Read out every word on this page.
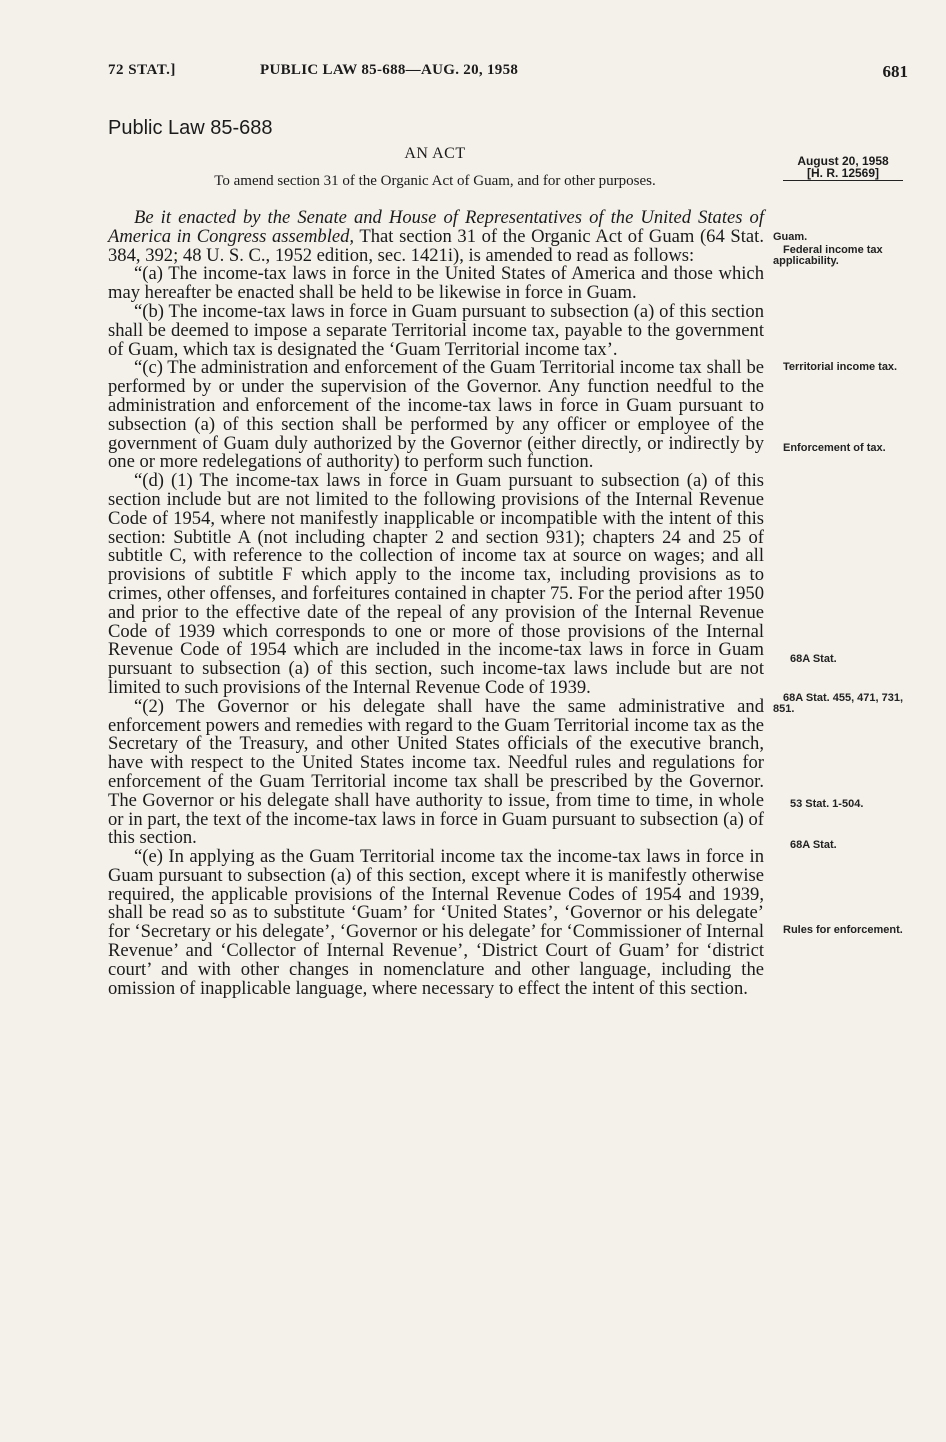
72 STAT.]	PUBLIC LAW 85-688—AUG. 20, 1958	681
Public Law 85-688
AN ACT
To amend section 31 of the Organic Act of Guam, and for other purposes.
August 20, 1958
[H. R. 12569]

Be it enacted by the Senate and House of Representatives of the United States of America in Congress assembled, That section 31 of the Organic Act of Guam (64 Stat. 384, 392; 48 U. S. C., 1952 edition, sec. 1421i), is amended to read as follows:

“(a) The income-tax laws in force in the United States of America and those which may hereafter be enacted shall be held to be likewise in force in Guam.

“(b) The income-tax laws in force in Guam pursuant to subsection (a) of this section shall be deemed to impose a separate Territorial income tax, payable to the government of Guam, which tax is designated the ‘Guam Territorial income tax’.

“(c) The administration and enforcement of the Guam Territorial income tax shall be performed by or under the supervision of the Governor. Any function needful to the administration and enforcement of the income-tax laws in force in Guam pursuant to subsection (a) of this section shall be performed by any officer or employee of the government of Guam duly authorized by the Governor (either directly, or indirectly by one or more redelegations of authority) to perform such function.

“(d) (1) The income-tax laws in force in Guam pursuant to subsection (a) of this section include but are not limited to the following provisions of the Internal Revenue Code of 1954, where not manifestly inapplicable or incompatible with the intent of this section: Subtitle A (not including chapter 2 and section 931); chapters 24 and 25 of subtitle C, with reference to the collection of income tax at source on wages; and all provisions of subtitle F which apply to the income tax, including provisions as to crimes, other offenses, and forfeitures contained in chapter 75. For the period after 1950 and prior to the effective date of the repeal of any provision of the Internal Revenue Code of 1939 which corresponds to one or more of those provisions of the Internal Revenue Code of 1954 which are included in the income-tax laws in force in Guam pursuant to subsection (a) of this section, such income-tax laws include but are not limited to such provisions of the Internal Revenue Code of 1939.

“(2) The Governor or his delegate shall have the same administrative and enforcement powers and remedies with regard to the Guam Territorial income tax as the Secretary of the Treasury, and other United States officials of the executive branch, have with respect to the United States income tax. Needful rules and regulations for enforcement of the Guam Territorial income tax shall be prescribed by the Governor. The Governor or his delegate shall have authority to issue, from time to time, in whole or in part, the text of the income-tax laws in force in Guam pursuant to subsection (a) of this section.

“(e) In applying as the Guam Territorial income tax the income-tax laws in force in Guam pursuant to subsection (a) of this section, except where it is manifestly otherwise required, the applicable provisions of the Internal Revenue Codes of 1954 and 1939, shall be read so as to substitute ‘Guam’ for ‘United States’, ‘Governor or his delegate’ for ‘Secretary or his delegate’, ‘Governor or his delegate’ for ‘Commissioner of Internal Revenue’ and ‘Collector of Internal Revenue’, ‘District Court of Guam’ for ‘district court’ and with other changes in nomenclature and other language, including the omission of inapplicable language, where necessary to effect the intent of this section.

Guam.
Federal income tax applicability.
Territorial income tax.
Enforcement of tax.
68A Stat.
68A Stat. 455, 471, 731, 851.
53 Stat. 1-504.
68A Stat.
Rules for enforcement.
